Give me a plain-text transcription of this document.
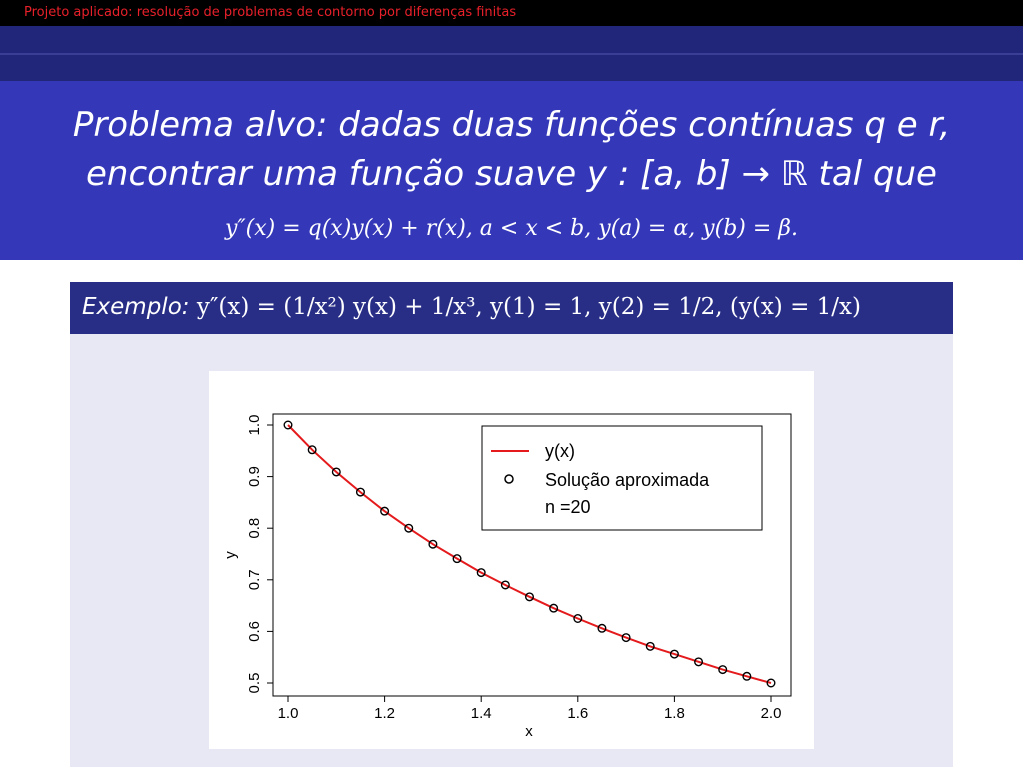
Projeto aplicado: resolução de problemas de contorno por diferenças finitas
Problema alvo: dadas duas funções contínuas q e r,
encontrar uma função suave y : [a, b] → ℝ tal que
y″(x) = q(x)y(x) + r(x), a < x < b, y(a) = α, y(b) = β.
Exemplo: y″(x) = (1/x²) y(x) + 1/x³, y(1) = 1, y(2) = 1/2, (y(x) = 1/x)
1.0	1.2	1.4	1.6	1.8	2.0
0.5
0.6
0.7
0.8
0.9
1.0
x
y
y(x)
Solução aproximada
n =20
